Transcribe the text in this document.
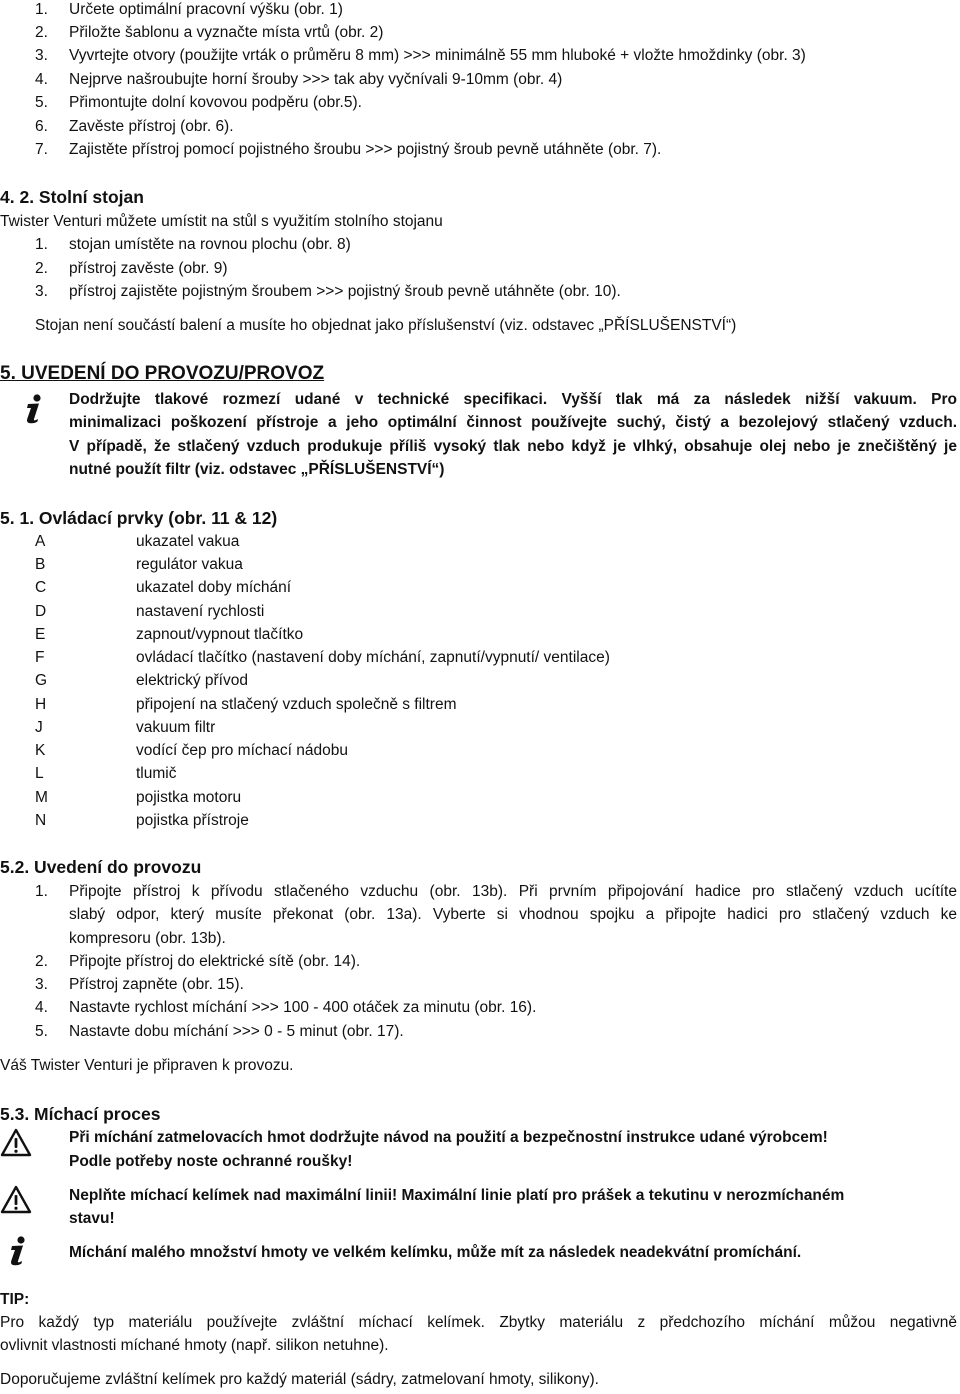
1. Určete optimální pracovní výšku (obr. 1)
2. Přiložte šablonu a vyznačte místa vrtů (obr. 2)
3. Vyvrtejte otvory (použijte vrták o průměru 8 mm) >>> minimálně 55 mm hluboké + vložte hmoždinky (obr. 3)
4. Nejprve našroubujte horní šrouby >>> tak aby vyčnívali 9-10mm (obr. 4)
5. Přimontujte dolní kovovou podpěru (obr.5).
6. Zavěste přístroj (obr. 6).
7. Zajistěte přístroj pomocí pojistného šroubu >>> pojistný šroub pevně utáhněte (obr. 7).
4. 2. Stolní stojan
Twister Venturi můžete umístit na stůl s využitím stolního stojanu
1. stojan umístěte na rovnou plochu (obr. 8)
2. přístroj zavěste (obr. 9)
3. přístroj zajistěte pojistným šroubem >>> pojistný šroub pevně utáhněte (obr. 10).
Stojan není součástí balení a musíte ho objednat jako příslušenství (viz. odstavec „PŘÍSLUŠENSTVÍ“)
5. UVEDENÍ DO PROVOZU/PROVOZ
Dodržujte tlakové rozmezí udané v technické specifikaci. Vyšší tlak má za následek nižší vakuum. Pro
minimalizaci poškození přístroje a jeho optimální činnost používejte suchý, čistý a bezolejový stlačený vzduch.
V případě, že stlačený vzduch produkuje příliš vysoký tlak nebo když je vlhký, obsahuje olej nebo je znečištěný je
nutné použít filtr (viz. odstavec „PŘÍSLUŠENSTVÍ“)
5. 1. Ovládací prvky (obr. 11 & 12)
A	ukazatel vakua
B	regulátor vakua
C	ukazatel doby míchání
D	nastavení rychlosti
E	zapnout/vypnout tlačítko
F	ovládací tlačítko (nastavení doby míchání, zapnutí/vypnutí/ ventilace)
G	elektrický přívod
H	připojení na stlačený vzduch společně s filtrem
J	vakuum filtr
K	vodící čep pro míchací nádobu
L	tlumič
M	pojistka motoru
N	pojistka přístroje
5.2. Uvedení do provozu
1. Připojte přístroj k přívodu stlačeného vzduchu (obr. 13b). Při prvním připojování hadice pro stlačený vzduch ucítíte
slabý odpor, který musíte překonat (obr. 13a). Vyberte si vhodnou spojku a připojte hadici pro stlačený vzduch ke
kompresoru (obr. 13b).
2. Připojte přístroj do elektrické sítě (obr. 14).
3. Přístroj zapněte (obr. 15).
4. Nastavte rychlost míchání >>> 100 - 400 otáček za minutu (obr. 16).
5. Nastavte dobu míchání >>> 0 - 5 minut (obr. 17).
Váš Twister Venturi je připraven k provozu.
5.3. Míchací proces
Při míchání zatmelovacích hmot dodržujte návod na použití a bezpečnostní instrukce udané výrobcem!
Podle potřeby noste ochranné roušky!
Neplňte míchací kelímek nad maximální linii! Maximální linie platí pro prášek a tekutinu v nerozmíchaném
stavu!
Míchání malého množství hmoty ve velkém kelímku, může mít za následek neadekvátní promíchání.
TIP:
Pro každý typ materiálu používejte zvláštní míchací kelímek. Zbytky materiálu z předchozího míchání můžou negativně
ovlivnit vlastnosti míchané hmoty (např. silikon netuhne).
Doporučujeme zvláštní kelímek pro každý materiál (sádry, zatmelovaní hmoty, silikony).
